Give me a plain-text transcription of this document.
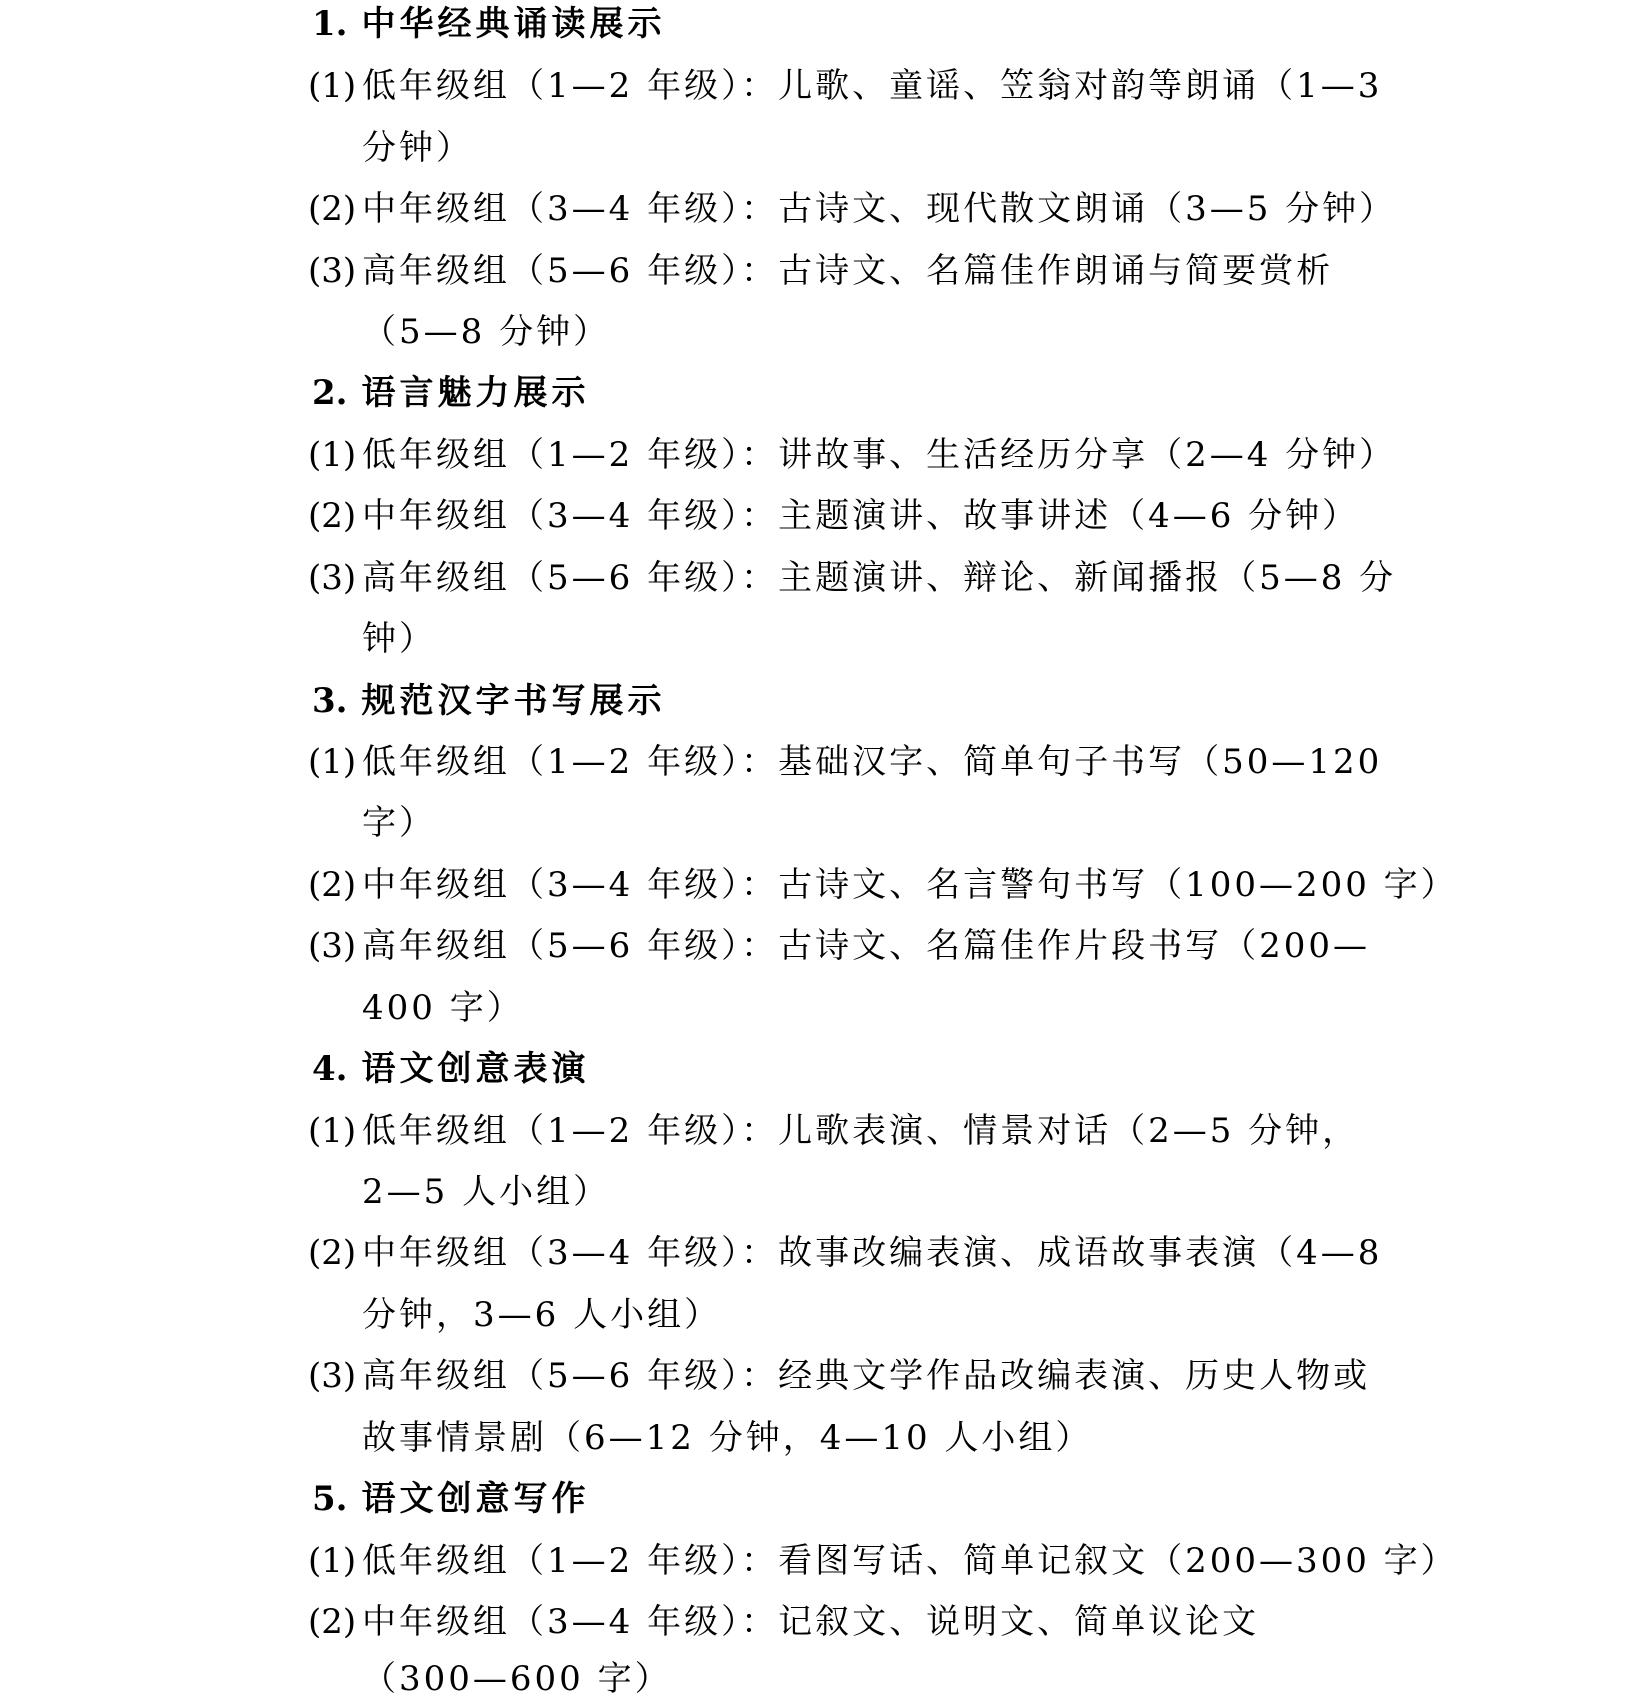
1. 中华经典诵读展示
(1) 低年级组（1—2 年级）：儿歌、童谣、笠翁对韵等朗诵（1—3
分钟）
(2) 中年级组（3—4 年级）：古诗文、现代散文朗诵（3—5 分钟）
(3) 高年级组（5—6 年级）：古诗文、名篇佳作朗诵与简要赏析
（5—8 分钟）
2. 语言魅力展示
(1) 低年级组（1—2 年级）：讲故事、生活经历分享（2—4 分钟）
(2) 中年级组（3—4 年级）：主题演讲、故事讲述（4—6 分钟）
(3) 高年级组（5—6 年级）：主题演讲、辩论、新闻播报（5—8 分
钟）
3. 规范汉字书写展示
(1) 低年级组（1—2 年级）：基础汉字、简单句子书写（50—120
字）
(2) 中年级组（3—4 年级）：古诗文、名言警句书写（100—200 字）
(3) 高年级组（5—6 年级）：古诗文、名篇佳作片段书写（200—
400 字）
4. 语文创意表演
(1) 低年级组（1—2 年级）：儿歌表演、情景对话（2—5 分钟，
2—5 人小组）
(2) 中年级组（3—4 年级）：故事改编表演、成语故事表演（4—8
分钟，3—6 人小组）
(3) 高年级组（5—6 年级）：经典文学作品改编表演、历史人物或
故事情景剧（6—12 分钟，4—10 人小组）
5. 语文创意写作
(1) 低年级组（1—2 年级）：看图写话、简单记叙文（200—300 字）
(2) 中年级组（3—4 年级）：记叙文、说明文、简单议论文
（300—600 字）
